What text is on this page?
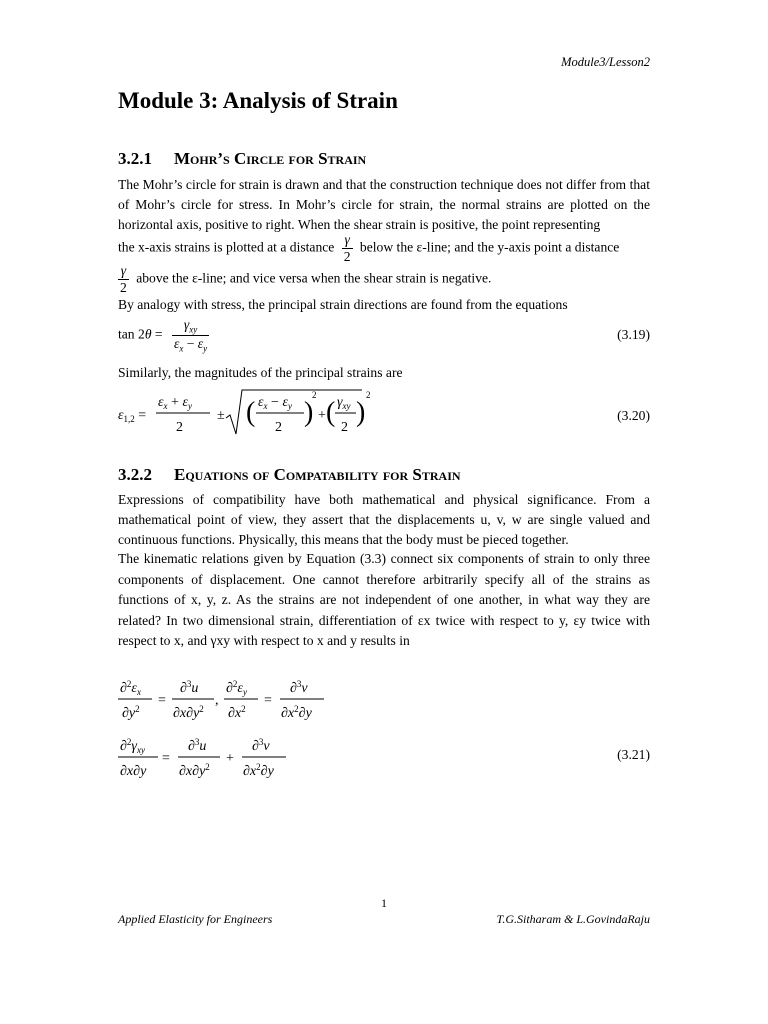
Module3/Lesson2
Module 3: Analysis of Strain
3.2.1 Mohr’s Circle for Strain

The Mohr’s circle for strain is drawn and that the construction technique does not differ from that of Mohr’s circle for stress. In Mohr’s circle for strain, the normal strains are plotted on the horizontal axis, positive to right. When the shear strain is positive, the point representing

the x-axis strains is plotted at a distance $\frac{\gamma}{2}$ below the ε-line; and the y-axis point a distance
$\frac{\gamma}{2}$ above the ε-line; and vice versa when the shear strain is negative.
By analogy with stress, the principal strain directions are found from the equations
$\tan 2\theta = \frac{\gamma_{xy}}{\varepsilon_x - \varepsilon_y}$	(3.19)
Similarly, the magnitudes of the principal strains are
$\varepsilon_{1,2}$ =
$\varepsilon_x + \varepsilon_y$
2
± ( $\varepsilon_x - \varepsilon_y$
2 )
2
+ ( $\gamma_{xy}$
2 )
2
(3.20)
3.2.2 Equations of Compatability for Strain

Expressions of compatibility have both mathematical and physical significance. From a mathematical point of view, they assert that the displacements u, v, w are single valued and continuous functions. Physically, this means that the body must be pieced together.

The kinematic relations given by Equation (3.3) connect six components of strain to only three components of displacement. One cannot therefore arbitrarily specify all of the strains as functions of x, y, z. As the strains are not independent of one another, in what way they are related? In two dimensional strain, differentiation of εx twice with respect to y, εy twice with respect to x, and γxy with respect to x and y results in

$\partial^2\varepsilon_x$
$\partial y^2$
=
∂$^3$u
$\partial x\partial y^2$
,
$\partial^2\varepsilon_y$
$\partial x^2$
=
∂$^3$v
$\partial x^2\partial y$
$\partial^2\gamma_{xy}$
∂x∂y
=
∂$^3$u
$\partial x\partial y^2$
+
∂$^3$v
$\partial x^2\partial y$
(3.21)
1
Applied Elasticity for Engineers	T.G.Sitharam & L.GovindaRaju
